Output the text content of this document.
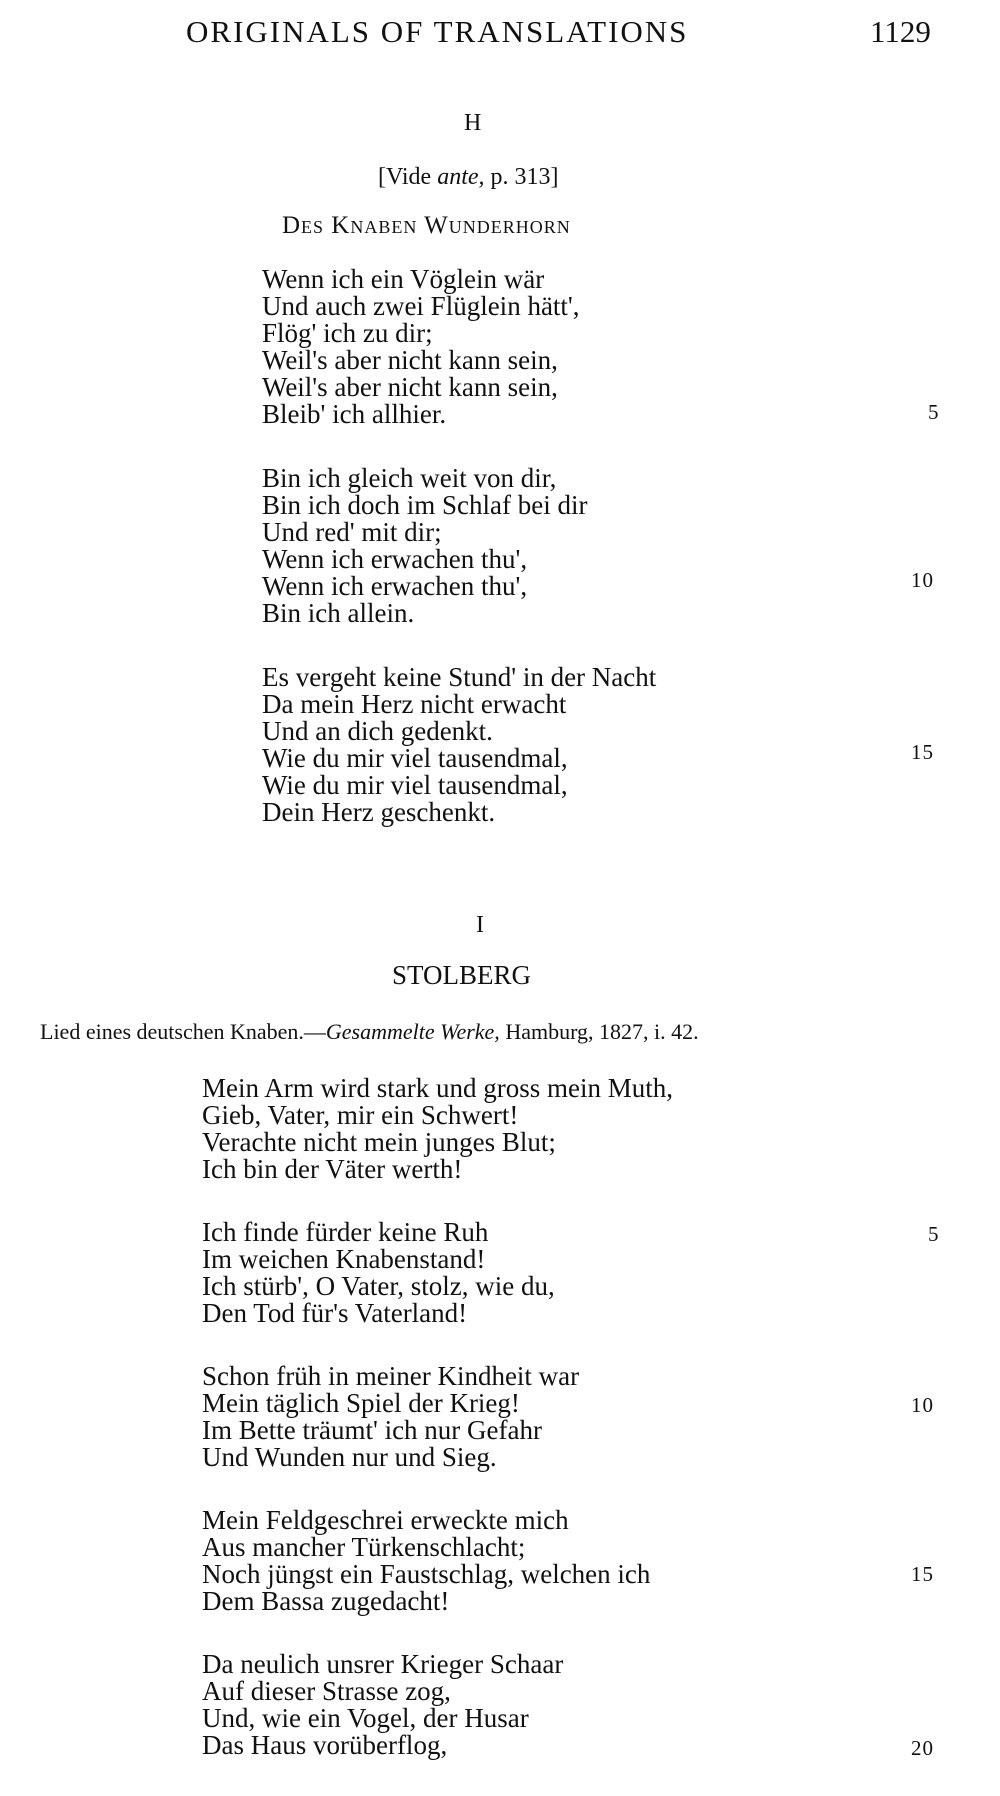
ORIGINALS OF TRANSLATIONS	1129
H
[Vide ante, p. 313]
Des Knaben Wunderhorn
Wenn ich ein Vöglein wär
Und auch zwei Flüglein hätt',
Flög' ich zu dir;
Weil's aber nicht kann sein,
Weil's aber nicht kann sein,
Bleib' ich allhier.
Bin ich gleich weit von dir,
Bin ich doch im Schlaf bei dir
Und red' mit dir;
Wenn ich erwachen thu',
Wenn ich erwachen thu',
Bin ich allein.
Es vergeht keine Stund' in der Nacht
Da mein Herz nicht erwacht
Und an dich gedenkt.
Wie du mir viel tausendmal,
Wie du mir viel tausendmal,
Dein Herz geschenkt.
5
10
15
I
STOLBERG
Lied eines deutschen Knaben.—Gesammelte Werke, Hamburg, 1827, i. 42.
Mein Arm wird stark und gross mein Muth,
Gieb, Vater, mir ein Schwert!
Verachte nicht mein junges Blut;
Ich bin der Väter werth!
Ich finde fürder keine Ruh
Im weichen Knabenstand!
Ich stürb', O Vater, stolz, wie du,
Den Tod für's Vaterland!
Schon früh in meiner Kindheit war
Mein täglich Spiel der Krieg!
Im Bette träumt' ich nur Gefahr
Und Wunden nur und Sieg.
Mein Feldgeschrei erweckte mich
Aus mancher Türkenschlacht;
Noch jüngst ein Faustschlag, welchen ich
Dem Bassa zugedacht!
Da neulich unsrer Krieger Schaar
Auf dieser Strasse zog,
Und, wie ein Vogel, der Husar
Das Haus vorüberflog,
5
10
15
20
